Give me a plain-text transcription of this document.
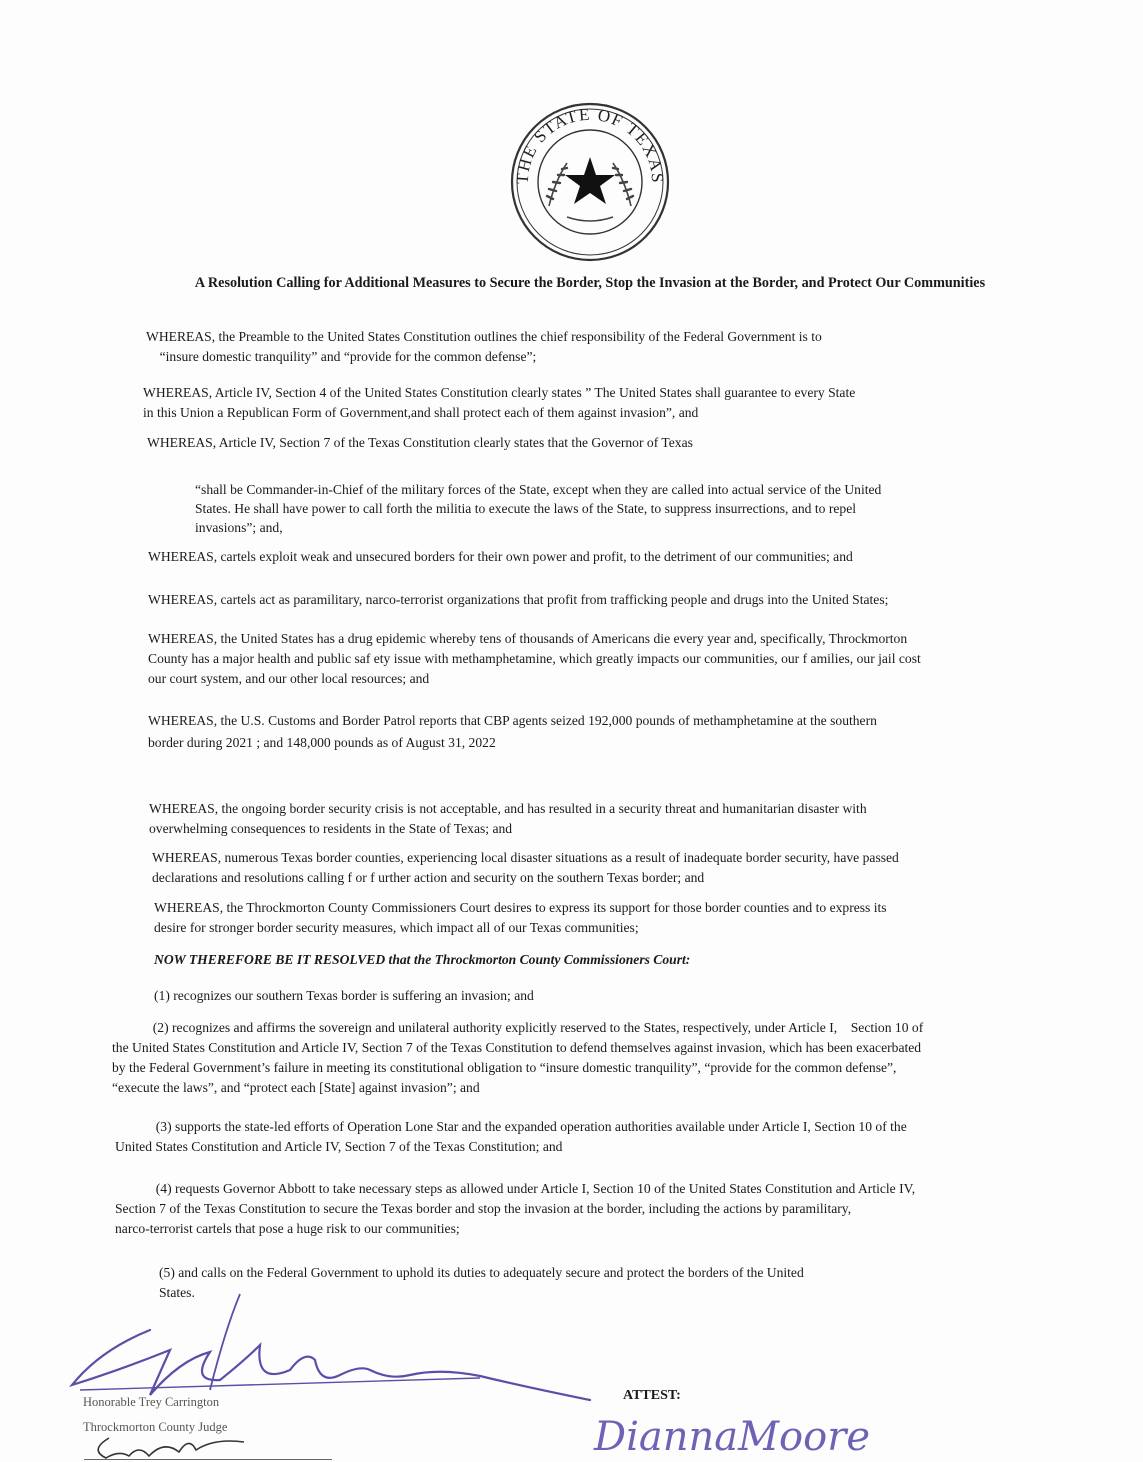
THE STATE OF TEXAS
A Resolution Calling for Additional Measures to Secure the Border, Stop the Invasion at the Border, and Protect Our Communities

WHEREAS, the Preamble to the United States Constitution outlines the chief responsibility of the Federal Government is to
“insure domestic tranquility” and “provide for the common defense”;

WHEREAS, Article IV, Section 4 of the United States Constitution clearly states ” The United States shall guarantee to every State
in this Union a Republican Form of Government,and shall protect each of them against invasion”, and

WHEREAS, Article IV, Section 7 of the Texas Constitution clearly states that the Governor of Texas

“shall be Commander-in-Chief of the military forces of the State, except when they are called into actual service of the United
States. He shall have power to call forth the militia to execute the laws of the State, to suppress insurrections, and to repel
invasions”; and,

WHEREAS, cartels exploit weak and unsecured borders for their own power and profit, to the detriment of our communities; and

WHEREAS, cartels act as paramilitary, narco-terrorist organizations that profit from trafficking people and drugs into the United States;

WHEREAS, the United States has a drug epidemic whereby tens of thousands of Americans die every year and, specifically, Throckmorton
County has a major health and public saf ety issue with methamphetamine, which greatly impacts our communities, our f amilies, our jail cost
our court system, and our other local resources; and

WHEREAS, the U.S. Customs and Border Patrol reports that CBP agents seized 192,000 pounds of methamphetamine at the southern
border during 2021 ; and 148,000 pounds as of August 31, 2022

WHEREAS, the ongoing border security crisis is not acceptable, and has resulted in a security threat and humanitarian disaster with
overwhelming consequences to residents in the State of Texas; and

WHEREAS, numerous Texas border counties, experiencing local disaster situations as a result of inadequate border security, have passed
declarations and resolutions calling f or f urther action and security on the southern Texas border; and

WHEREAS, the Throckmorton County Commissioners Court desires to express its support for those border counties and to express its
desire for stronger border security measures, which impact all of our Texas communities;

NOW THEREFORE BE IT RESOLVED that the Throckmorton County Commissioners Court:

(1) recognizes our southern Texas border is suffering an invasion; and

(2) recognizes and affirms the sovereign and unilateral authority explicitly reserved to the States, respectively, under Article I,    Section 10 of
the United States Constitution and Article IV, Section 7 of the Texas Constitution to defend themselves against invasion, which has been exacerbated
by the Federal Government’s failure in meeting its constitutional obligation to “insure domestic tranquility”, “provide for the common defense”,
“execute the laws”, and “protect each [State] against invasion”; and

(3) supports the state-led efforts of Operation Lone Star and the expanded operation authorities available under Article I, Section 10 of the
United States Constitution and Article IV, Section 7 of the Texas Constitution; and

(4) requests Governor Abbott to take necessary steps as allowed under Article I, Section 10 of the United States Constitution and Article IV,
Section 7 of the Texas Constitution to secure the Texas border and stop the invasion at the border, including the actions by paramilitary,
narco-terrorist cartels that pose a huge risk to our communities;

(5) and calls on the Federal Government to uphold its duties to adequately secure and protect the borders of the United
States.

Honorable Trey Carrington
Throckmorton County Judge
ATTEST:
DiannaMoore
